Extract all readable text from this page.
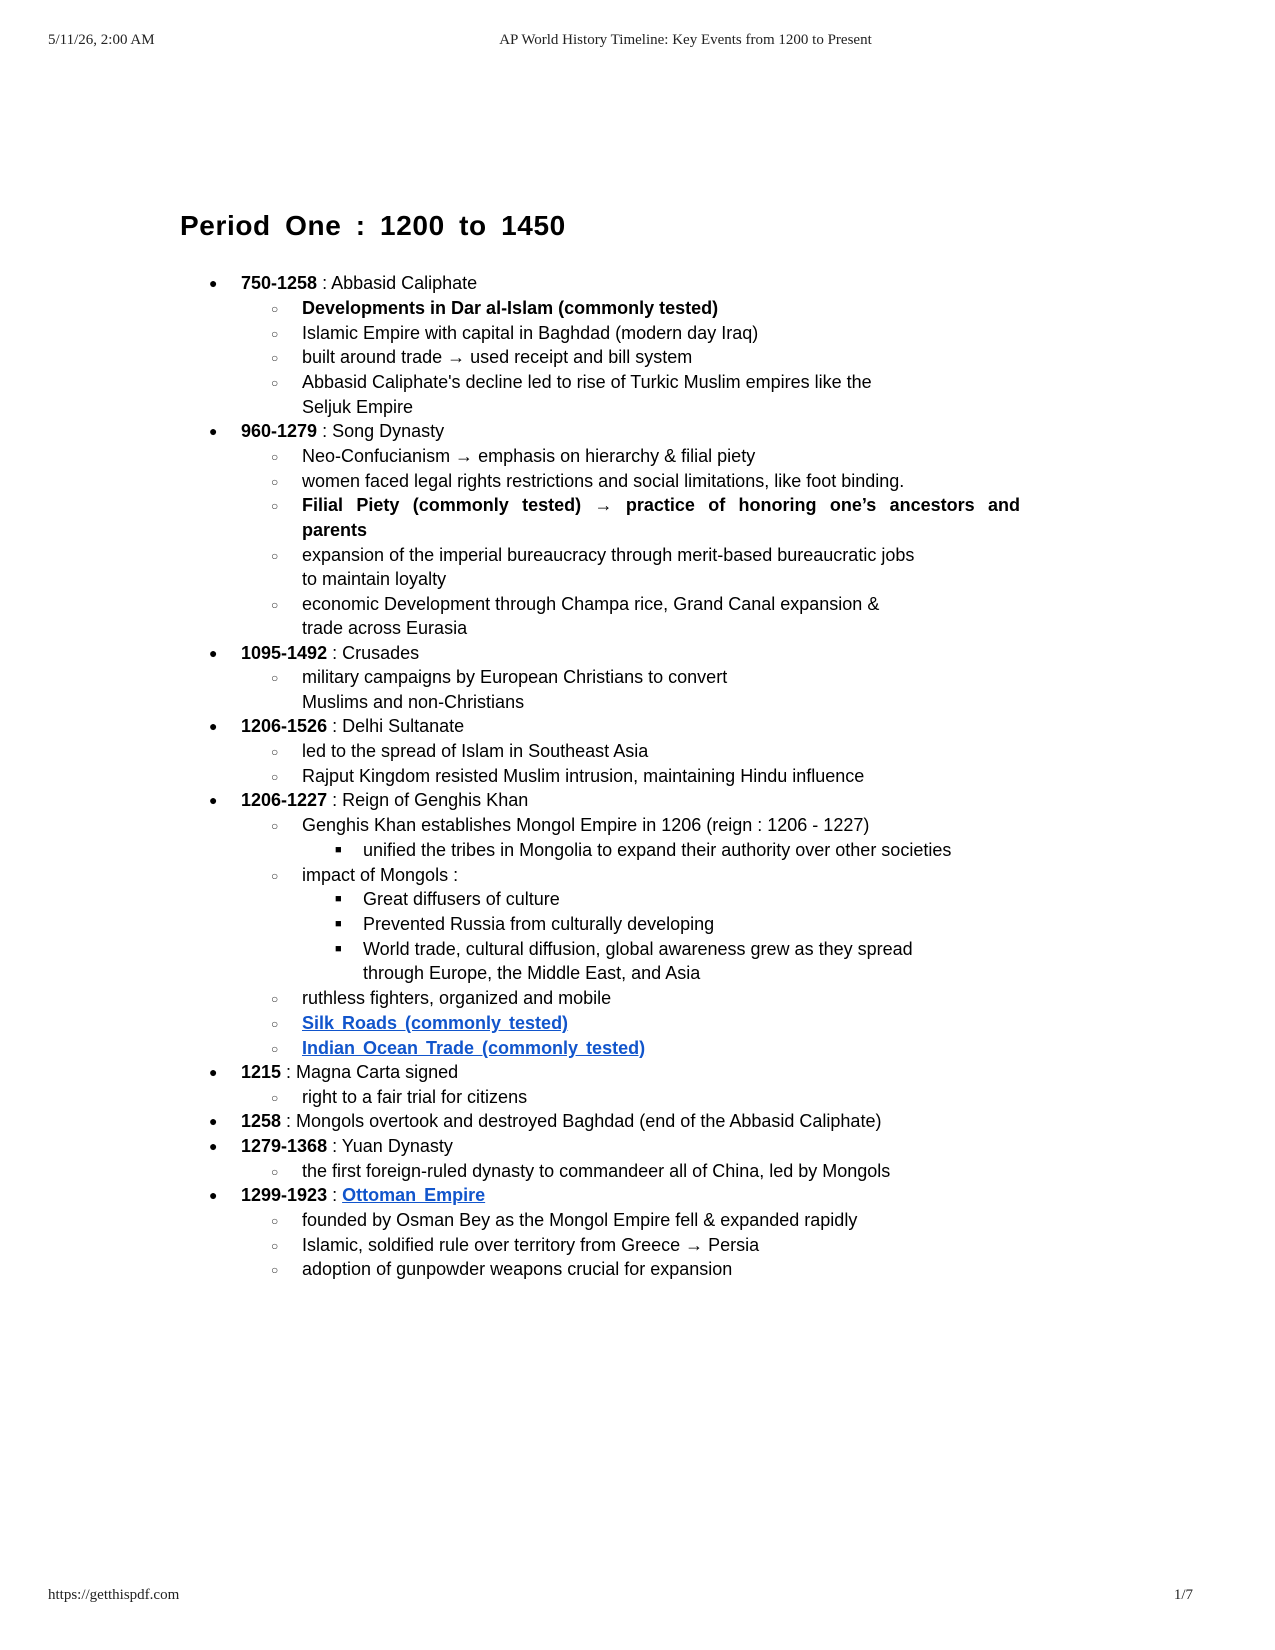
5/11/26, 2:00 AM	AP World History Timeline: Key Events from 1200 to Present
Period One : 1200 to 1450
● 750-1258 : Abbasid Caliphate
○ Developments in Dar al-Islam (commonly tested)
○ Islamic Empire with capital in Baghdad (modern day Iraq)
○ built around trade → used receipt and bill system
○ Abbasid Caliphate's decline led to rise of Turkic Muslim empires like the Seljuk Empire
● 960-1279 : Song Dynasty
○ Neo-Confucianism → emphasis on hierarchy & filial piety
○ women faced legal rights restrictions and social limitations, like foot binding.
○ Filial Piety (commonly tested) → practice of honoring one’s ancestors and parents
○ expansion of the imperial bureaucracy through merit-based bureaucratic jobs to maintain loyalty
○ economic Development through Champa rice, Grand Canal expansion & trade across Eurasia
● 1095-1492 : Crusades
○ military campaigns by European Christians to convert Muslims and non-Christians
● 1206-1526 : Delhi Sultanate
○ led to the spread of Islam in Southeast Asia
○ Rajput Kingdom resisted Muslim intrusion, maintaining Hindu influence
● 1206-1227 : Reign of Genghis Khan
○ Genghis Khan establishes Mongol Empire in 1206 (reign : 1206 - 1227)
■ unified the tribes in Mongolia to expand their authority over other societies
○ impact of Mongols :
■ Great diffusers of culture
■ Prevented Russia from culturally developing
■ World trade, cultural diffusion, global awareness grew as they spread through Europe, the Middle East, and Asia
○ ruthless fighters, organized and mobile
○ Silk Roads (commonly tested)
○ Indian Ocean Trade (commonly tested)
● 1215 : Magna Carta signed
○ right to a fair trial for citizens
● 1258 : Mongols overtook and destroyed Baghdad (end of the Abbasid Caliphate)
● 1279-1368 : Yuan Dynasty
○ the first foreign-ruled dynasty to commandeer all of China, led by Mongols
● 1299-1923 : Ottoman Empire
○ founded by Osman Bey as the Mongol Empire fell & expanded rapidly
○ Islamic, soldified rule over territory from Greece → Persia
○ adoption of gunpowder weapons crucial for expansion
https://getthispdf.com	1/7
